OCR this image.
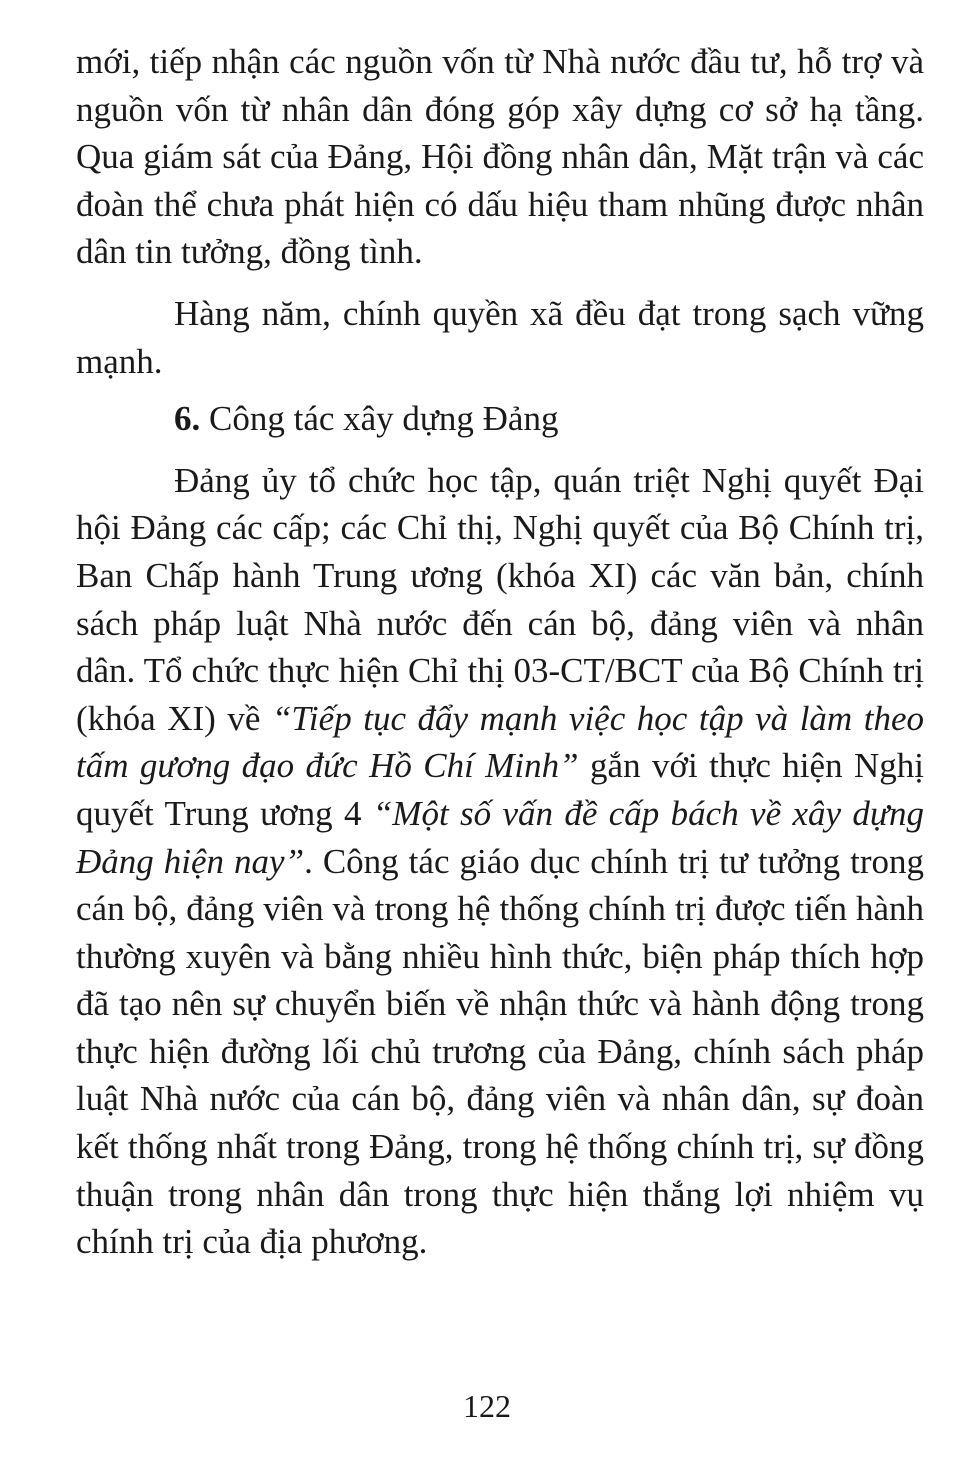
mới, tiếp nhận các nguồn vốn từ Nhà nước đầu tư, hỗ trợ và nguồn vốn từ nhân dân đóng góp xây dựng cơ sở hạ tầng. Qua giám sát của Đảng, Hội đồng nhân dân, Mặt trận và các đoàn thể chưa phát hiện có dấu hiệu tham nhũng được nhân dân tin tưởng, đồng tình.

Hàng năm, chính quyền xã đều đạt trong sạch vững mạnh.

6. Công tác xây dựng Đảng

Đảng ủy tổ chức học tập, quán triệt Nghị quyết Đại hội Đảng các cấp; các Chỉ thị, Nghị quyết của Bộ Chính trị, Ban Chấp hành Trung ương (khóa XI) các văn bản, chính sách pháp luật Nhà nước đến cán bộ, đảng viên và nhân dân. Tổ chức thực hiện Chỉ thị 03-CT/BCT của Bộ Chính trị (khóa XI) về “Tiếp tục đẩy mạnh việc học tập và làm theo tấm gương đạo đức Hồ Chí Minh” gắn với thực hiện Nghị quyết Trung ương 4 “Một số vấn đề cấp bách về xây dựng Đảng hiện nay”. Công tác giáo dục chính trị tư tưởng trong cán bộ, đảng viên và trong hệ thống chính trị được tiến hành thường xuyên và bằng nhiều hình thức, biện pháp thích hợp đã tạo nên sự chuyển biến về nhận thức và hành động trong thực hiện đường lối chủ trương của Đảng, chính sách pháp luật Nhà nước của cán bộ, đảng viên và nhân dân, sự đoàn kết thống nhất trong Đảng, trong hệ thống chính trị, sự đồng thuận trong nhân dân trong thực hiện thắng lợi nhiệm vụ chính trị của địa phương.

122
